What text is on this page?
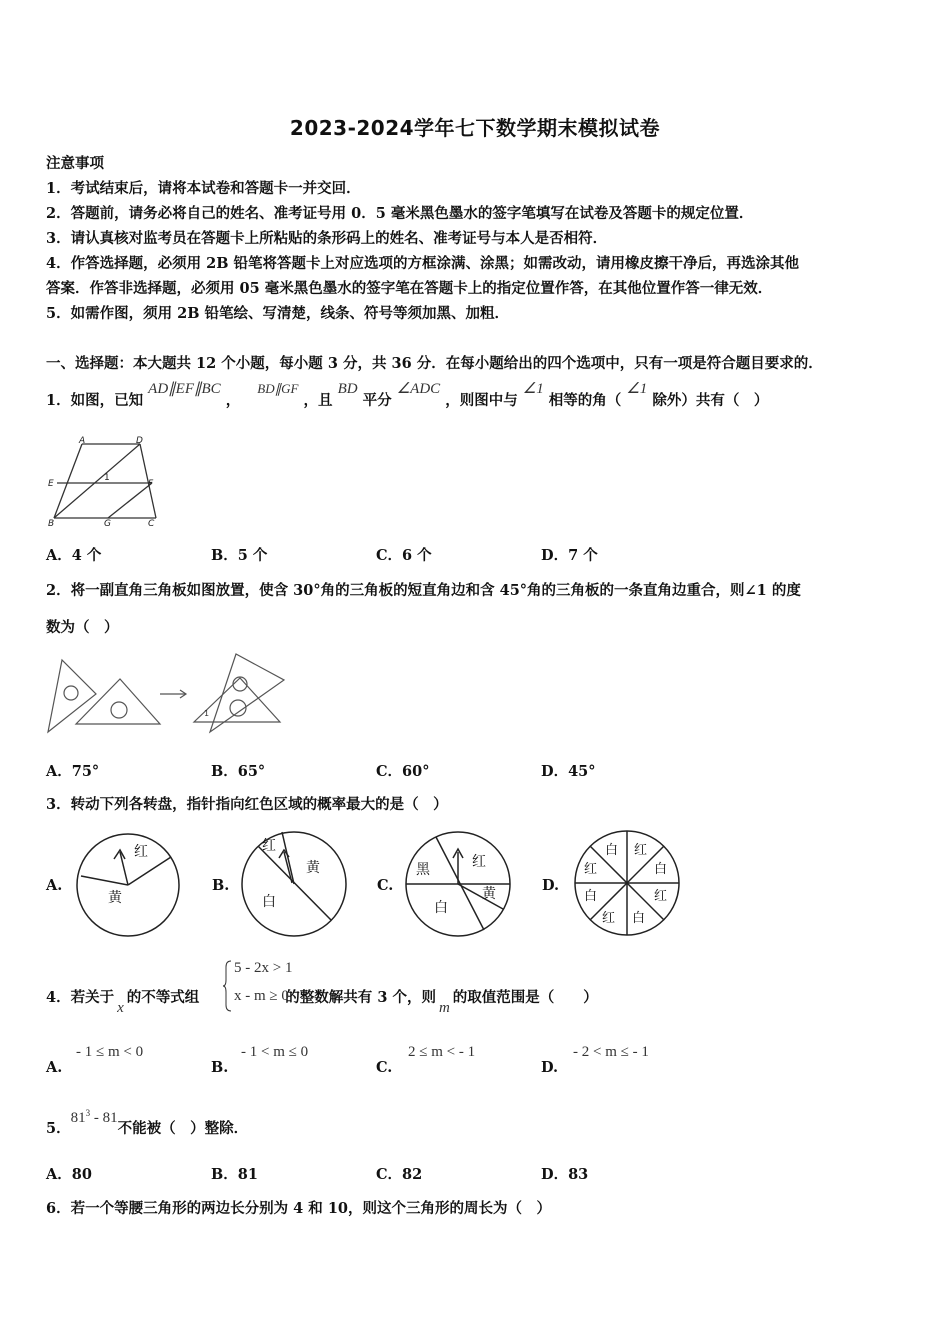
2023-2024学年七下数学期末模拟试卷
注意事项
1．考试结束后，请将本试卷和答题卡一并交回．
2．答题前，请务必将自己的姓名、准考证号用 0．5 毫米黑色墨水的签字笔填写在试卷及答题卡的规定位置．
3．请认真核对监考员在答题卡上所粘贴的条形码上的姓名、准考证号与本人是否相符．
4．作答选择题，必须用 2B 铅笔将答题卡上对应选项的方框涂满、涂黑；如需改动，请用橡皮擦干净后，再选涂其他
答案．作答非选择题，必须用 05 毫米黑色墨水的签字笔在答题卡上的指定位置作答，在其他位置作答一律无效．
5．如需作图，须用 2B 铅笔绘、写清楚，线条、符号等须加黑、加粗．
一、选择题：本大题共 12 个小题，每小题 3 分，共 36 分．在每小题给出的四个选项中，只有一项是符合题目要求的．
1．如图，已知 AD∥EF∥BC ， BD∥GF ，且 BD 平分 ∠ADC ，则图中与 ∠1 相等的角（ ∠1 除外）共有（　）
A	D
E	F
B	G	C
1
A．4 个	B．5 个	C．6 个	D．7 个
2．将一副直角三角板如图放置，使含 30°角的三角板的短直角边和含 45°角的三角板的一条直角边重合，则∠1 的度
数为（　）
1
A．75°	B．65°	C．60°	D．45°
3．转动下列各转盘，指针指向红色区域的概率最大的是（　）
A.	B.	C.	D.
红
黄
红
黄
白
黑	红
黄
白
白 红
红	白
白	红
红 白
4．若关于x的不等式组	的整数解共有 3 个，则m的取值范围是（　　）
5 - 2x > 1
x - m ≥ 0
A.
- 1 ≤ m < 0
B.
- 1 < m ≤ 0
C.
2 ≤ m < - 1
D.
- 2 < m ≤ - 1
5．$81^3 - 81$不能被（　）整除．
A．80	B．81	C．82	D．83
6．若一个等腰三角形的两边长分别为 4 和 10，则这个三角形的周长为（　）
